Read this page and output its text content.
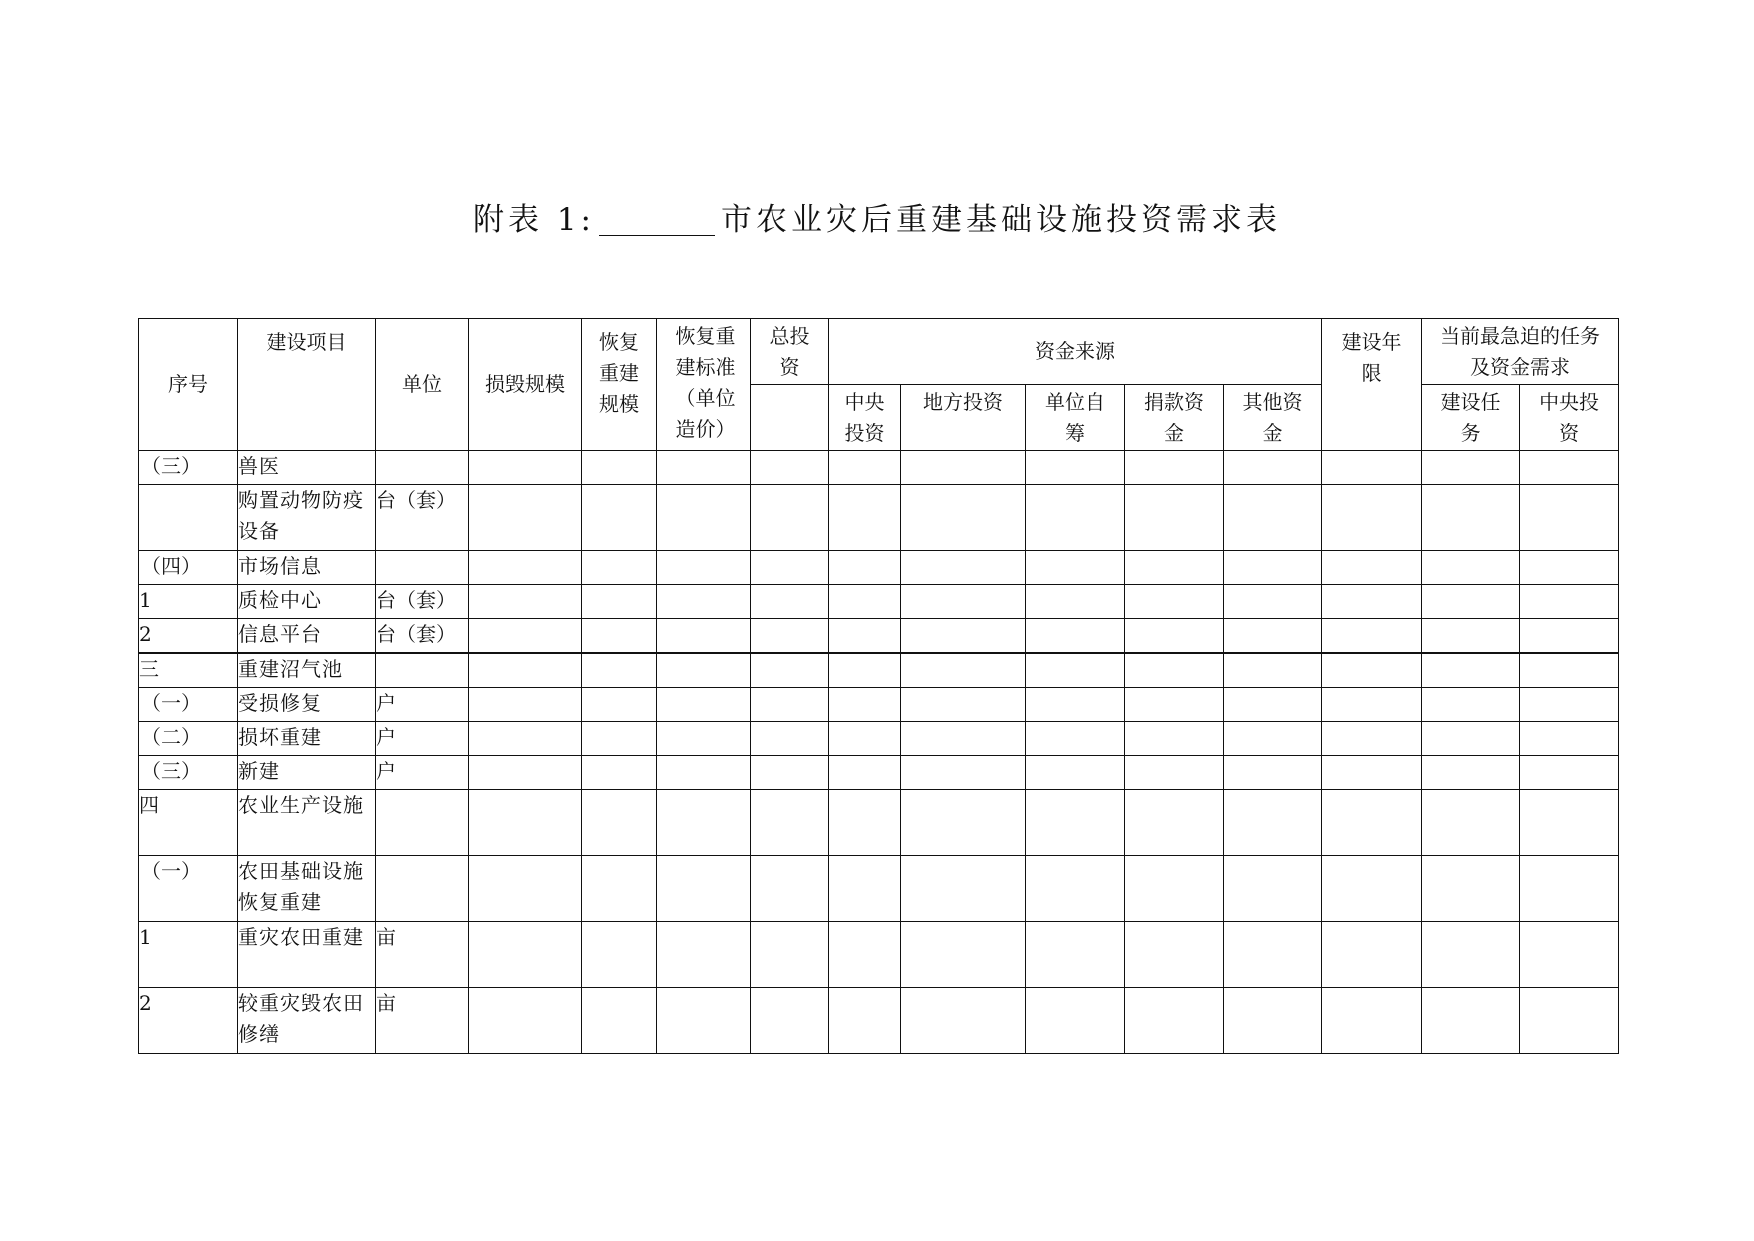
附表 1:	市农业灾后重建基础设施投资需求表
序号	建设项目	单位	损毁规模	恢复重建规模	恢复重建标准（单位造价）	总投资	资金来源					建设年限	当前最急迫的任务及资金需求	
							中央投资	地方投资	单位自筹	捐款资金	其他资金		建设任务	中央投资
（三）	兽医													
	购置动物防疫设备	台（套）												
（四）	市场信息													
1	质检中心	台（套）												
2	信息平台	台（套）												
三	重建沼气池													
（一）	受损修复	户												
（二）	损坏重建	户												
（三）	新建	户												
四	农业生产设施													
（一）	农田基础设施恢复重建													
1	重灾农田重建	亩												
2	较重灾毁农田修缮	亩												
